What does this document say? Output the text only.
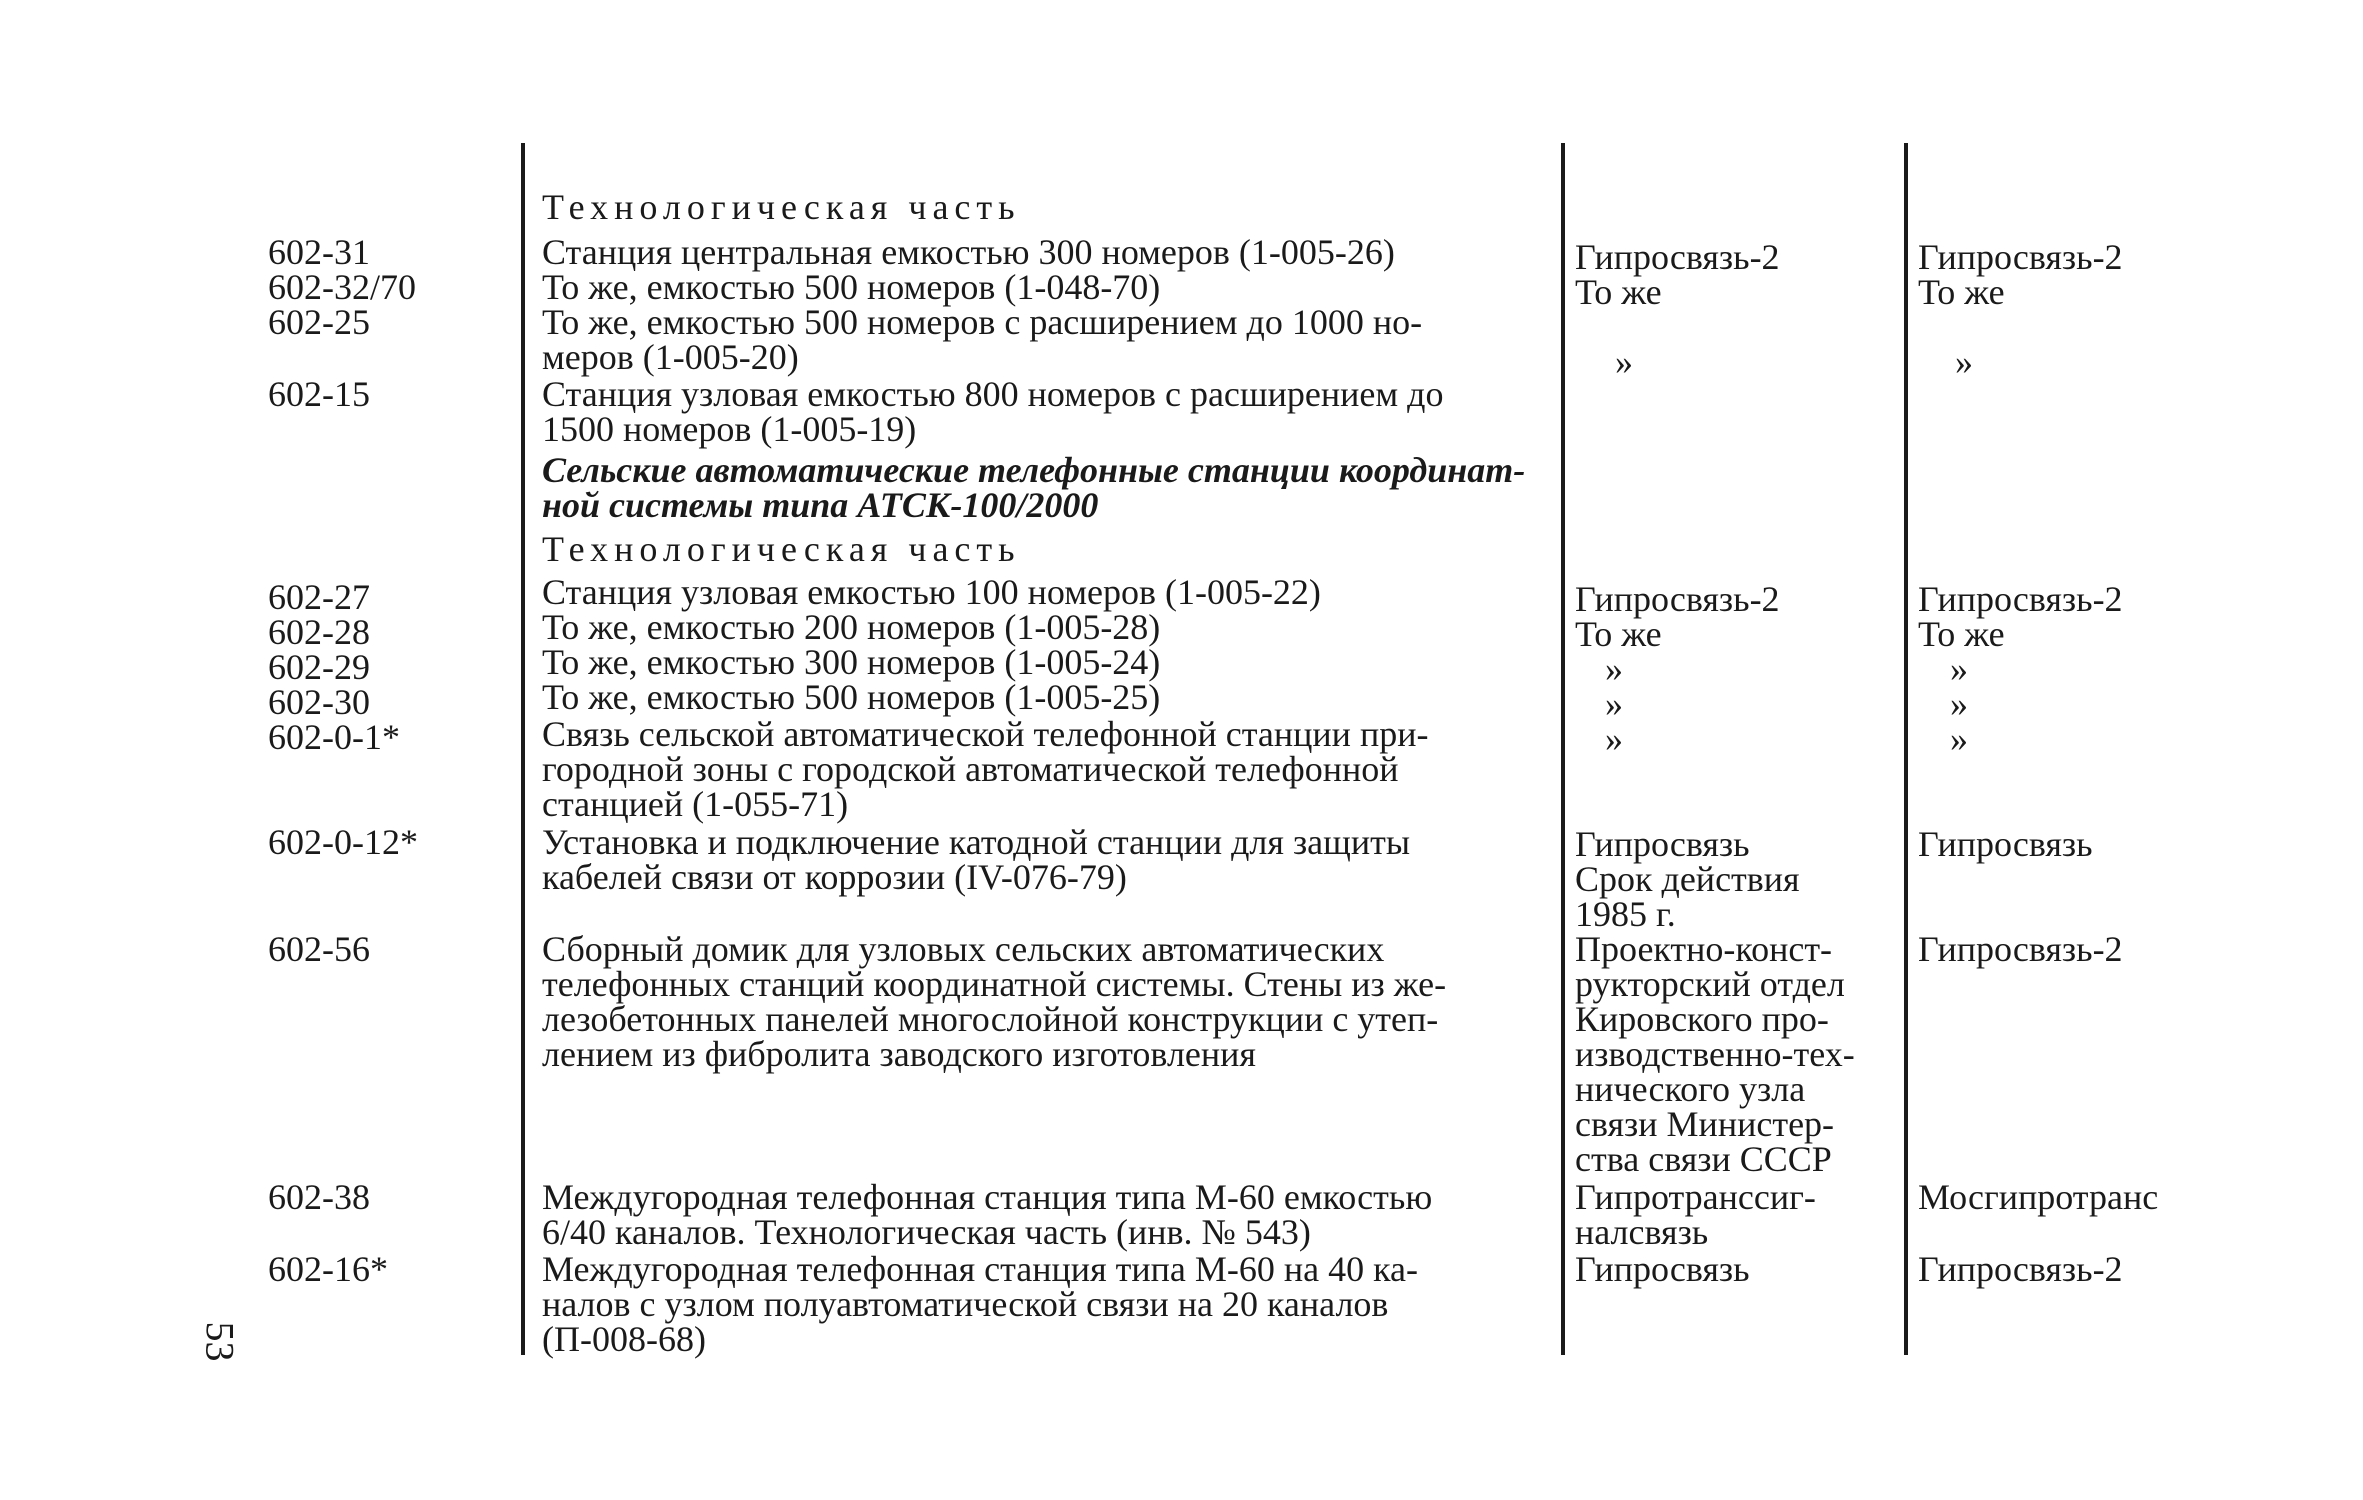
53
Технологическая часть
Сельские автоматические телефонные станции координат-
ной системы типа АТСК-100/2000
Технологическая часть
602-31	Станция центральная емкостью 300 номеров (1-005-26)	Гипросвязь-2	Гипросвязь-2
602-32/70	То же, емкостью 500 номеров (1-048-70)	То же	То же
602-25	То же, емкостью 500 номеров с расширением до 1000 но-
меров (1-005-20)	»	»
602-15	Станция узловая емкостью 800 номеров с расширением до
1500 номеров (1-005-19)
602-27	Станция узловая емкостью 100 номеров (1-005-22)	Гипросвязь-2	Гипросвязь-2
602-28	То же, емкостью 200 номеров (1-005-28)	То же	То же
602-29	То же, емкостью 300 номеров (1-005-24)	»	»
602-30	То же, емкостью 500 номеров (1-005-25)	»	»
602-0-1*	Связь сельской автоматической телефонной станции при-
городной зоны с городской автоматической телефонной
станцией (1-055-71)
»	»
602-0-12*	Установка и подключение катодной станции для защиты
кабелей связи от коррозии (IV-076-79)
Гипросвязь
Срок действия
1985 г.
Гипросвязь
602-56	Сборный домик для узловых сельских автоматических
телефонных станций координатной системы. Стены из же-
лезобетонных панелей многослойной конструкции с утеп-
лением из фибролита заводского изготовления
Проектно-конст-
рукторский отдел
Кировского про-
изводственно-тех-
нического узла
связи Министер-
ства связи СССР
Гипросвязь-2
602-38	Междугородная телефонная станция типа М-60 емкостью
6/40 каналов. Технологическая часть (инв. № 543)
Гипротранссиг-
налсвязь
Мосгипротранс
602-16*	Междугородная телефонная станция типа М-60 на 40 ка-
налов с узлом полуавтоматической связи на 20 каналов
(П-008-68)
Гипросвязь	Гипросвязь-2
